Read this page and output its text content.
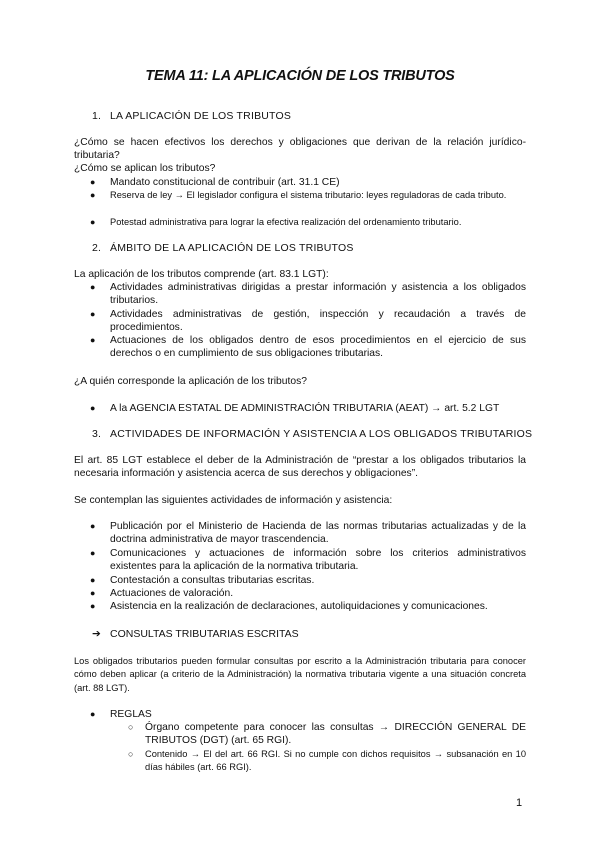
TEMA 11: LA APLICACIÓN DE LOS TRIBUTOS
1. LA APLICACIÓN DE LOS TRIBUTOS
¿Cómo se hacen efectivos los derechos y obligaciones que derivan de la relación jurídico-tributaria?
¿Cómo se aplican los tributos?
● Mandato constitucional de contribuir (art. 31.1 CE)
● Reserva de ley → El legislador configura el sistema tributario: leyes reguladoras de cada tributo.
● Potestad administrativa para lograr la efectiva realización del ordenamiento tributario.
2. ÁMBITO DE LA APLICACIÓN DE LOS TRIBUTOS
La aplicación de los tributos comprende (art. 83.1 LGT):
● Actividades administrativas dirigidas a prestar información y asistencia a los obligados tributarios.
● Actividades administrativas de gestión, inspección y recaudación a través de procedimientos.
● Actuaciones de los obligados dentro de esos procedimientos en el ejercicio de sus derechos o en cumplimiento de sus obligaciones tributarias.
¿A quién corresponde la aplicación de los tributos?
● A la AGENCIA ESTATAL DE ADMINISTRACIÓN TRIBUTARIA (AEAT) → art. 5.2 LGT
3. ACTIVIDADES DE INFORMACIÓN Y ASISTENCIA A LOS OBLIGADOS TRIBUTARIOS
El art. 85 LGT establece el deber de la Administración de “prestar a los obligados tributarios la necesaria información y asistencia acerca de sus derechos y obligaciones”.
Se contemplan las siguientes actividades de información y asistencia:
● Publicación por el Ministerio de Hacienda de las normas tributarias actualizadas y de la doctrina administrativa de mayor trascendencia.
● Comunicaciones y actuaciones de información sobre los criterios administrativos existentes para la aplicación de la normativa tributaria.
● Contestación a consultas tributarias escritas.
● Actuaciones de valoración.
● Asistencia en la realización de declaraciones, autoliquidaciones y comunicaciones.
➔ CONSULTAS TRIBUTARIAS ESCRITAS
Los obligados tributarios pueden formular consultas por escrito a la Administración tributaria para conocer cómo deben aplicar (a criterio de la Administración) la normativa tributaria vigente a una situación concreta (art. 88 LGT).
● REGLAS
○ Órgano competente para conocer las consultas → DIRECCIÓN GENERAL DE TRIBUTOS (DGT) (art. 65 RGI).
○ Contenido → El del art. 66 RGI. Si no cumple con dichos requisitos → subsanación en 10 días hábiles (art. 66 RGI).
1
